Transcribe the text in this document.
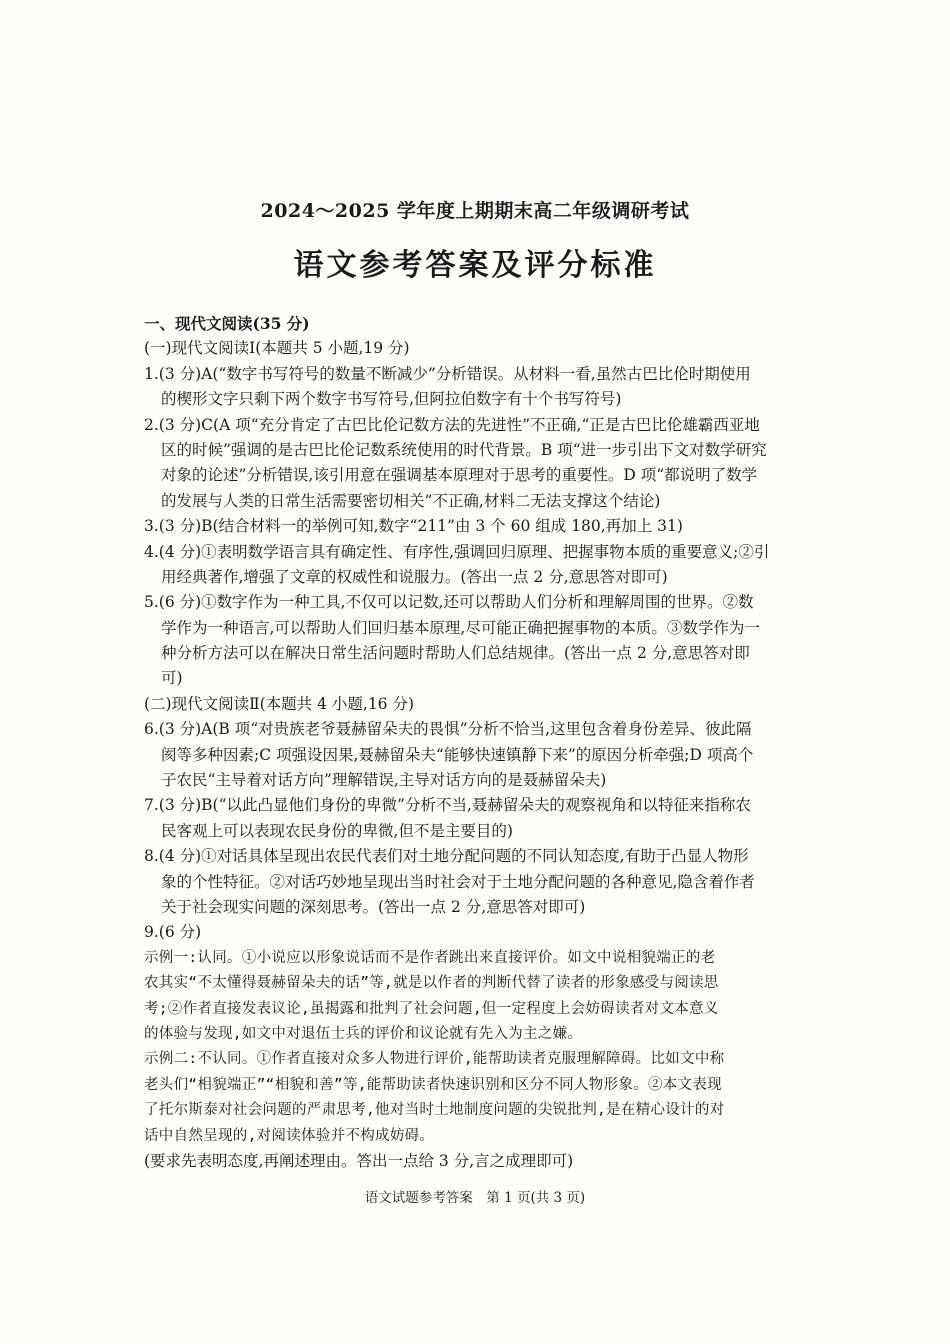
2024～2025 学年度上期期末高二年级调研考试
语文参考答案及评分标准
一、现代文阅读(35 分)
(一)现代文阅读Ⅰ(本题共 5 小题,19 分)
1.(3 分)A(“数字书写符号的数量不断减少”分析错误。从材料一看,虽然古巴比伦时期使用
的楔形文字只剩下两个数字书写符号,但阿拉伯数字有十个书写符号)
2.(3 分)C(A 项“充分肯定了古巴比伦记数方法的先进性”不正确,“正是古巴比伦雄霸西亚地
区的时候”强调的是古巴比伦记数系统使用的时代背景。B 项“进一步引出下文对数学研究
对象的论述”分析错误,该引用意在强调基本原理对于思考的重要性。D 项“都说明了数学
的发展与人类的日常生活需要密切相关”不正确,材料二无法支撑这个结论)
3.(3 分)B(结合材料一的举例可知,数字“211”由 3 个 60 组成 180,再加上 31)
4.(4 分)①表明数学语言具有确定性、有序性,强调回归原理、把握事物本质的重要意义;②引
用经典著作,增强了文章的权威性和说服力。(答出一点 2 分,意思答对即可)
5.(6 分)①数字作为一种工具,不仅可以记数,还可以帮助人们分析和理解周围的世界。②数
学作为一种语言,可以帮助人们回归基本原理,尽可能正确把握事物的本质。③数学作为一
种分析方法可以在解决日常生活问题时帮助人们总结规律。(答出一点 2 分,意思答对即
可)
(二)现代文阅读Ⅱ(本题共 4 小题,16 分)
6.(3 分)A(B 项“对贵族老爷聂赫留朵夫的畏惧”分析不恰当,这里包含着身份差异、彼此隔
阂等多种因素;C 项强设因果,聂赫留朵夫“能够快速镇静下来”的原因分析牵强;D 项高个
子农民“主导着对话方向”理解错误,主导对话方向的是聂赫留朵夫)
7.(3 分)B(“以此凸显他们身份的卑微”分析不当,聂赫留朵夫的观察视角和以特征来指称农
民客观上可以表现农民身份的卑微,但不是主要目的)
8.(4 分)①对话具体呈现出农民代表们对土地分配问题的不同认知态度,有助于凸显人物形
象的个性特征。②对话巧妙地呈现出当时社会对于土地分配问题的各种意见,隐含着作者
关于社会现实问题的深刻思考。(答出一点 2 分,意思答对即可)
9.(6 分)
示例一:认同。①小说应以形象说话而不是作者跳出来直接评价。如文中说相貌端正的老
农其实“不太懂得聂赫留朵夫的话”等,就是以作者的判断代替了读者的形象感受与阅读思
考;②作者直接发表议论,虽揭露和批判了社会问题,但一定程度上会妨碍读者对文本意义
的体验与发现,如文中对退伍士兵的评价和议论就有先入为主之嫌。
示例二:不认同。①作者直接对众多人物进行评价,能帮助读者克服理解障碍。比如文中称
老头们“相貌端正”“相貌和善”等,能帮助读者快速识别和区分不同人物形象。②本文表现
了托尔斯泰对社会问题的严肃思考,他对当时土地制度问题的尖锐批判,是在精心设计的对
话中自然呈现的,对阅读体验并不构成妨碍。
(要求先表明态度,再阐述理由。答出一点给 3 分,言之成理即可)
语文试题参考答案　第 1 页(共 3 页)
